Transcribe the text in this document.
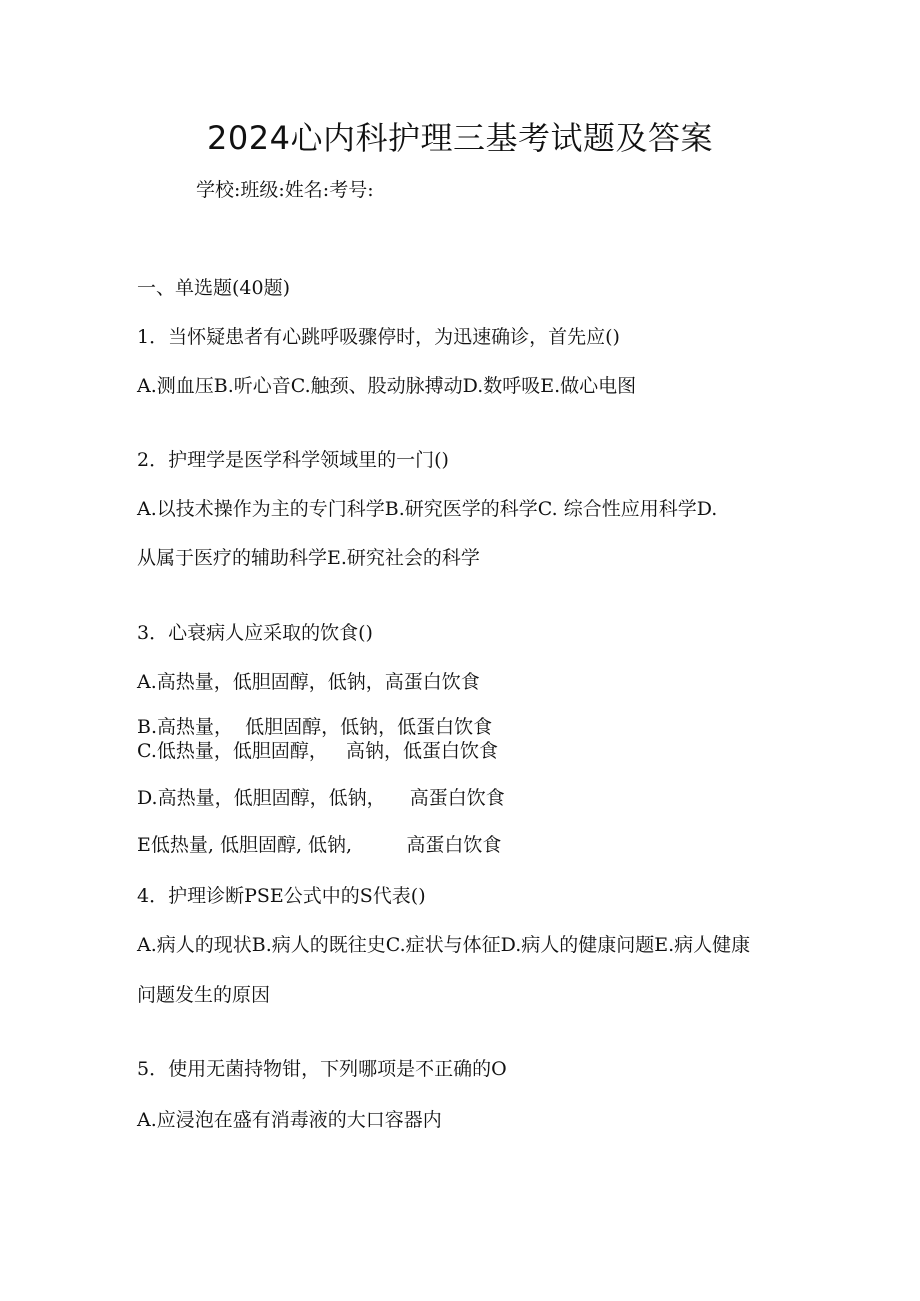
2024心内科护理三基考试题及答案
学校:班级:姓名:考号:
一、单选题(40题)
1．当怀疑患者有心跳呼吸骤停时，为迅速确诊，首先应()
A.测血压B.听心音C.触颈、股动脉搏动D.数呼吸E.做心电图
2．护理学是医学科学领域里的一门()
A.以技术操作为主的专门科学B.研究医学的科学C. 综合性应用科学D.
从属于医疗的辅助科学E.研究社会的科学
3．心衰病人应采取的饮食()
A.高热量，低胆固醇，低钠，高蛋白饮食
B.高热量，  低胆固醇，低钠，低蛋白饮食
C.低热量，低胆固醇，   高钠，低蛋白饮食
D.高热量，低胆固醇，低钠，    高蛋白饮食
E低热量, 低胆固醇, 低钠,         高蛋白饮食
4．护理诊断PSE公式中的S代表()
A.病人的现状B.病人的既往史C.症状与体征D.病人的健康问题E.病人健康
问题发生的原因
5．使用无菌持物钳，下列哪项是不正确的O
A.应浸泡在盛有消毒液的大口容器内
